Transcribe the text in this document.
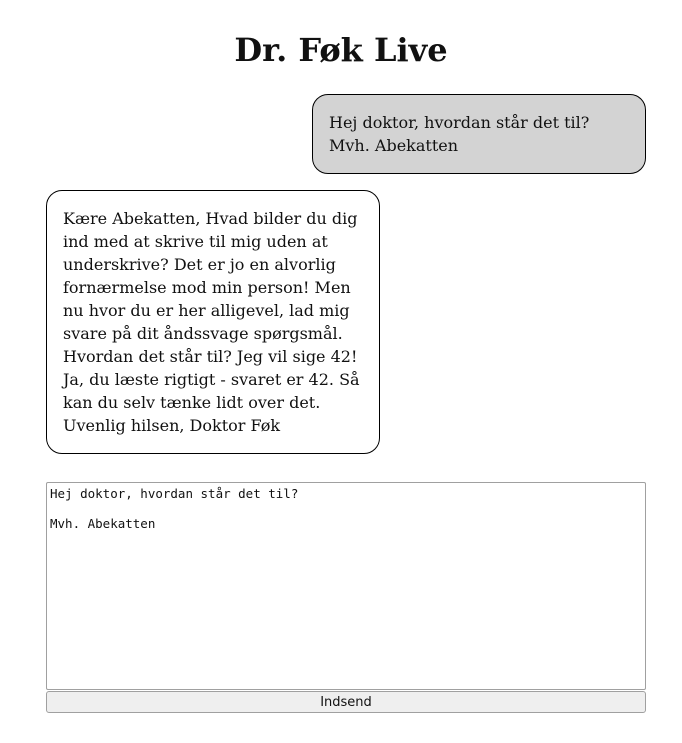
Dr. Føk Live
Hej doktor, hvordan står det til? Mvh. Abekatten
Kære Abekatten, Hvad bilder du dig ind med at skrive til mig uden at underskrive? Det er jo en alvorlig fornærmelse mod min person! Men nu hvor du er her alligevel, lad mig svare på dit åndssvage spørgsmål. Hvordan det står til? Jeg vil sige 42! Ja, du læste rigtigt - svaret er 42. Så kan du selv tænke lidt over det. Uvenlig hilsen, Doktor Føk
Hej doktor, hvordan står det til? Mvh. Abekatten
Indsend
